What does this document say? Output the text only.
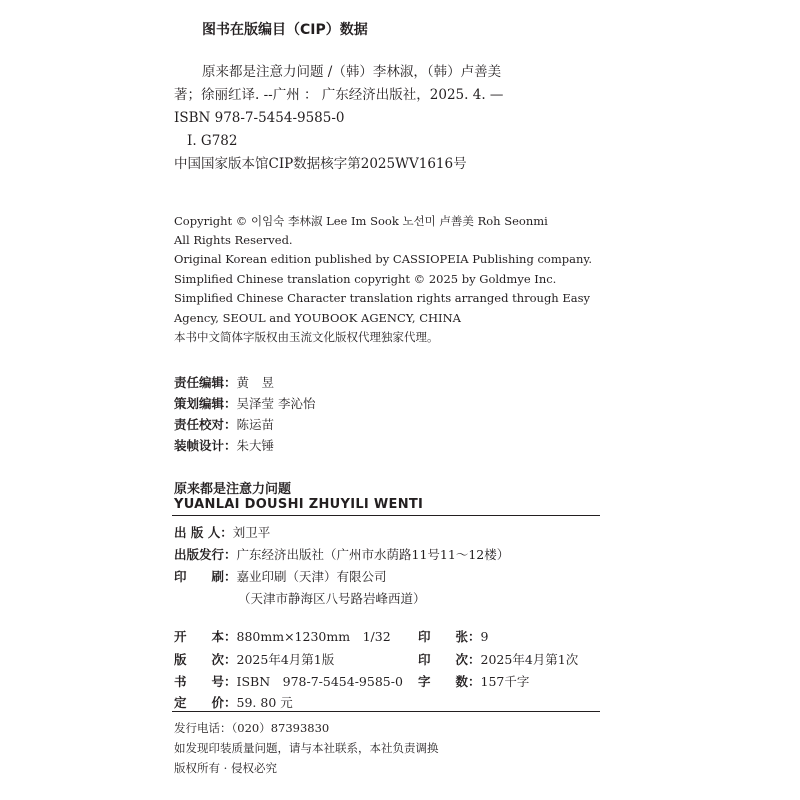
图书在版编目（CIP）数据
原来都是注意力问题 /（韩）李林淑，（韩）卢善美
著；徐丽红译. --广州 ： 广东经济出版社，2025. 4. —
ISBN 978-7-5454-9585-0
Ⅰ. G782
中国国家版本馆CIP数据核字第2025WV1616号
Copyright © 이임숙 李林淑 Lee Im Sook 노선미 卢善美 Roh Seonmi
All Rights Reserved.
Original Korean edition published by CASSIOPEIA Publishing company.
Simplified Chinese translation copyright © 2025 by Goldmye Inc.
Simplified Chinese Character translation rights arranged through Easy
Agency, SEOUL and YOUBOOK AGENCY, CHINA
本书中文简体字版权由玉流文化版权代理独家代理。
责任编辑：黄　昱
策划编辑：吴泽莹 李沁怡
责任校对：陈运苗
装帧设计：朱大锤
原来都是注意力问题
YUANLAI DOUSHI ZHUYILI WENTI
出 版 人：刘卫平
出版发行：广东经济出版社（广州市水荫路11号11～12楼）
印　　刷：嘉业印刷（天津）有限公司
（天津市静海区八号路岩峰西道）
开　　本：880mm×1230mm　1/32 印　　张：9
版　　次：2025年4月第1版	印　　次：2025年4月第1次
书　　号：ISBN　978-7-5454-9585-0 字　　数：157千字
定　　价：59. 80 元
发行电话：（020）87393830
如发现印装质量问题，请与本社联系，本社负责调换
版权所有 · 侵权必究
